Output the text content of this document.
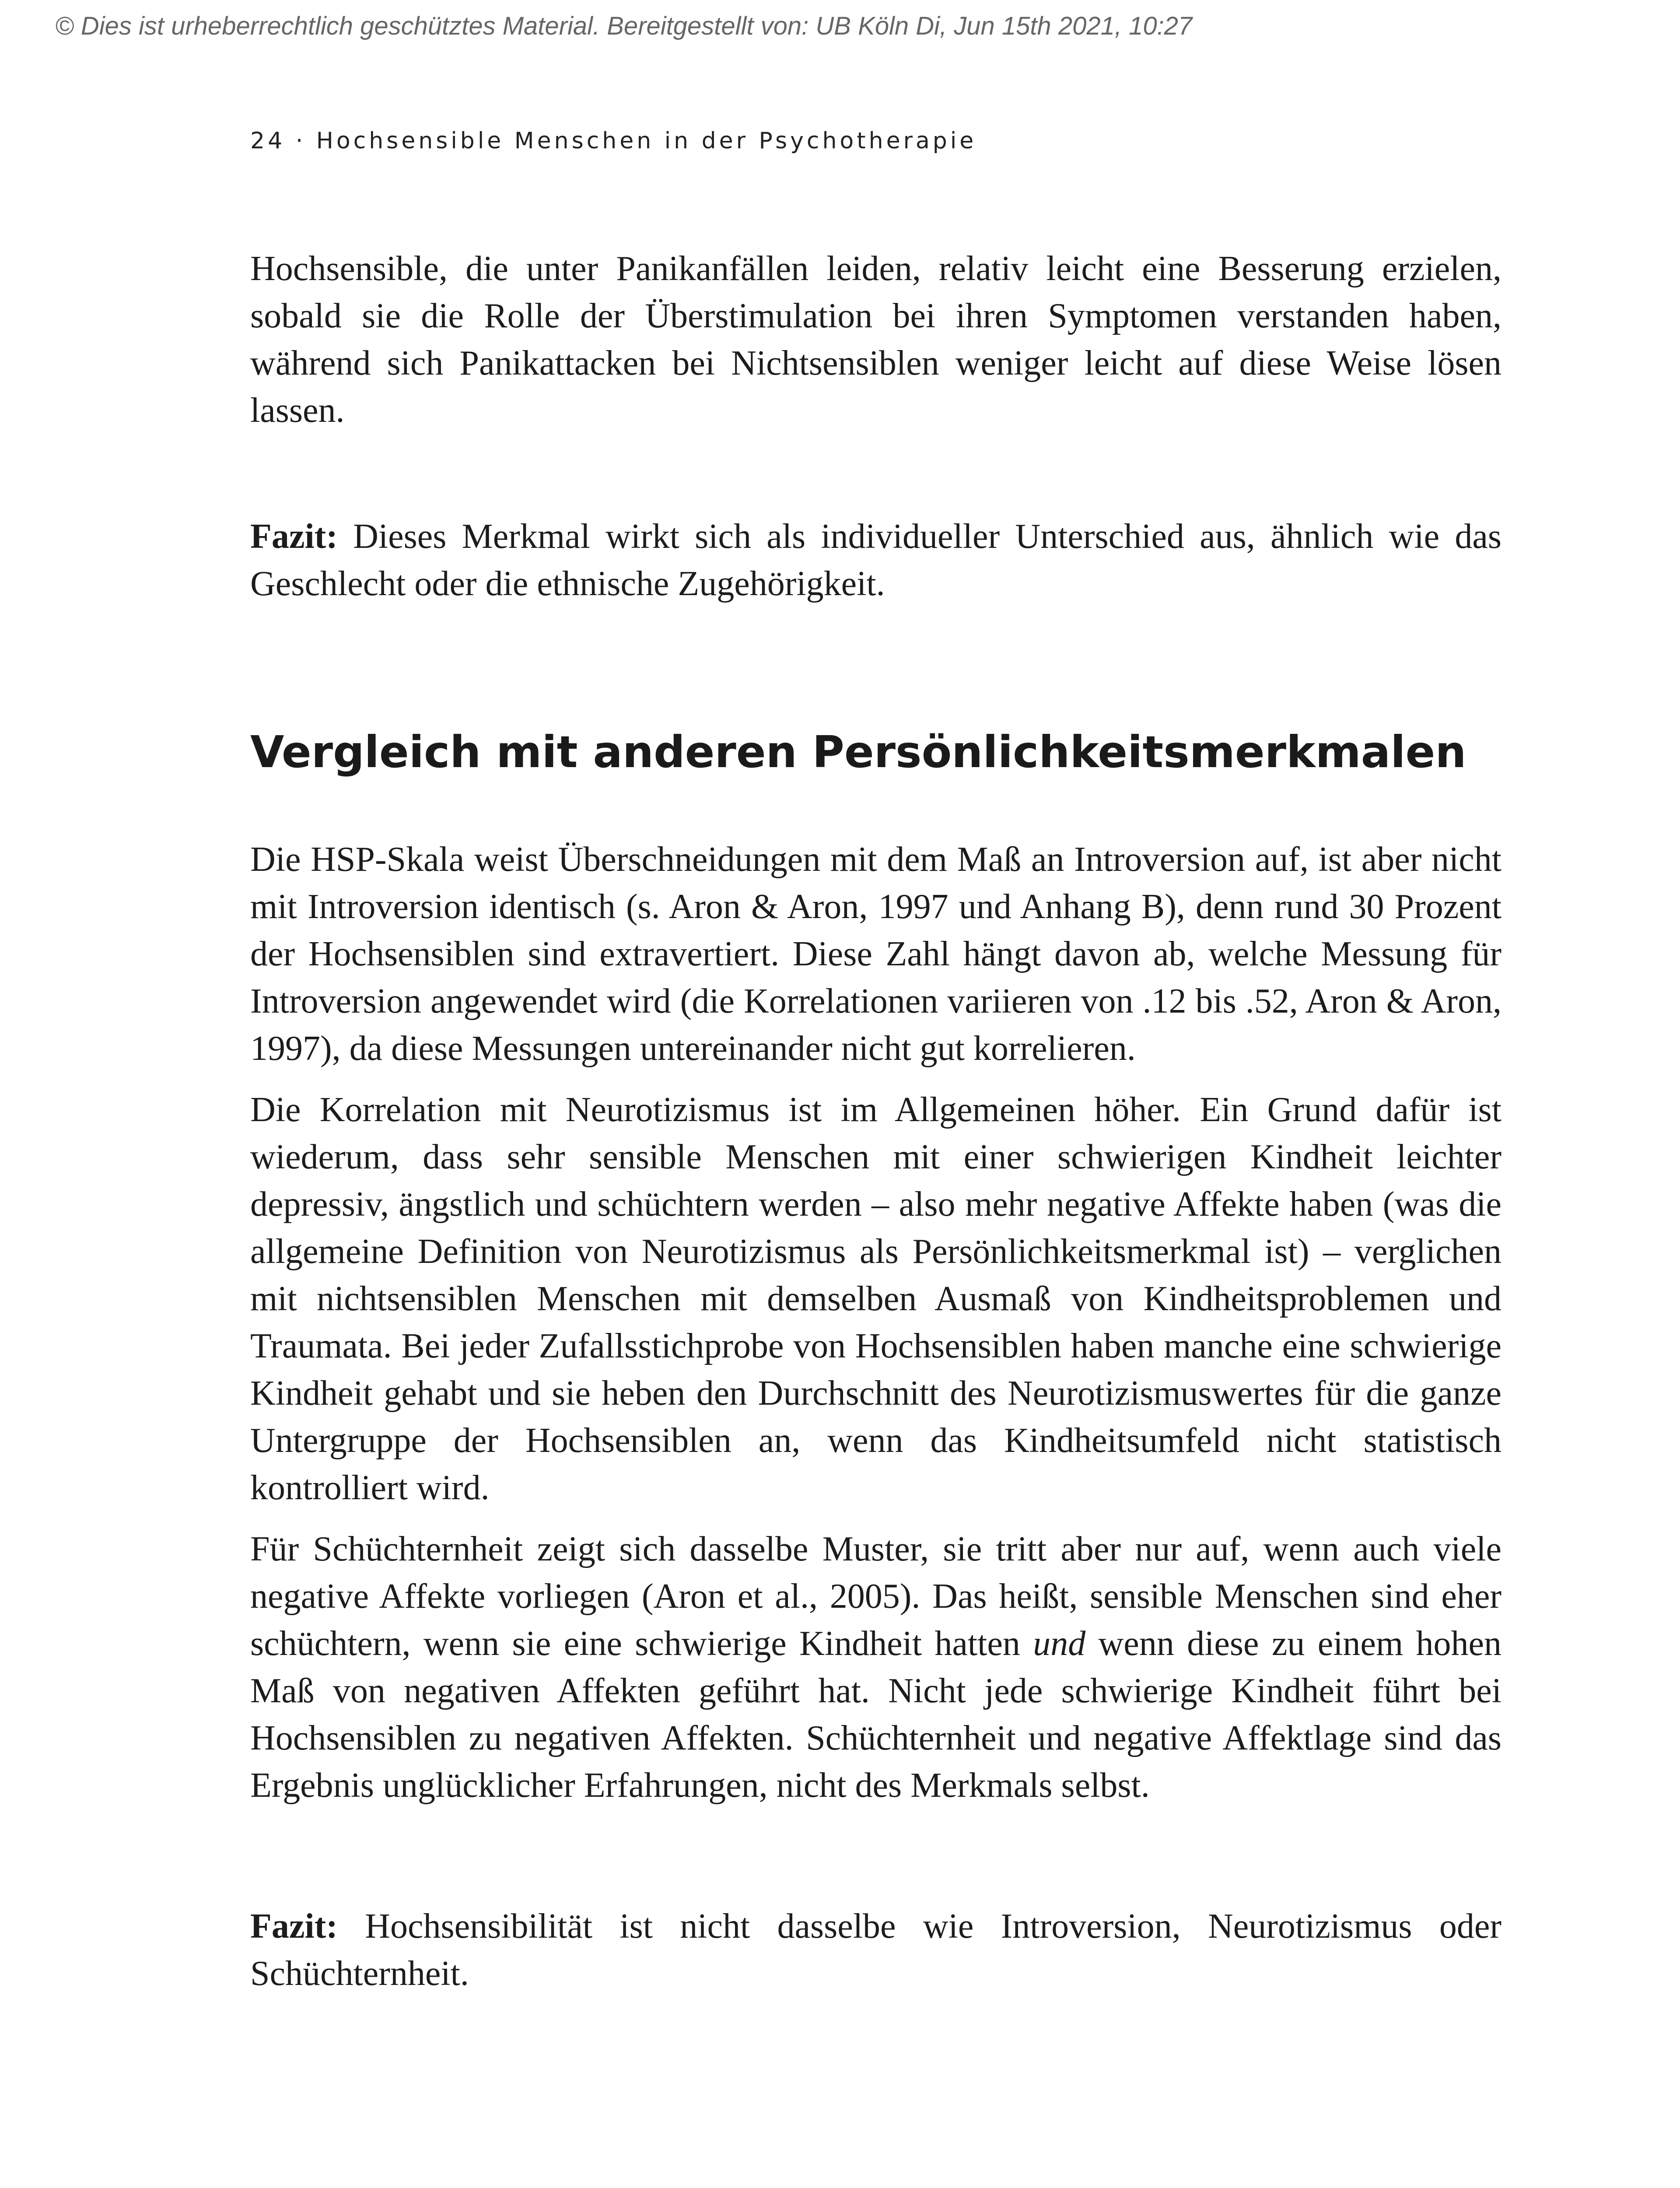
© Dies ist urheberrechtlich geschütztes Material. Bereitgestellt von: UB Köln Di, Jun 15th 2021, 10:27
24 · Hochsensible Menschen in der Psychotherapie

Hochsensible, die unter Panikanfällen leiden, relativ leicht eine Besserung erzielen, sobald sie die Rolle der Überstimulation bei ihren Symptomen verstanden haben, während sich Panikattacken bei Nichtsensiblen weniger leicht auf diese Weise lösen lassen.

Fazit: Dieses Merkmal wirkt sich als individueller Unterschied aus, ähnlich wie das Geschlecht oder die ethnische Zugehörigkeit.

Vergleich mit anderen Persönlichkeitsmerkmalen

Die HSP-Skala weist Überschneidungen mit dem Maß an Introversion auf, ist aber nicht mit Introversion identisch (s. Aron & Aron, 1997 und Anhang B), denn rund 30 Prozent der Hochsensiblen sind extravertiert. Diese Zahl hängt davon ab, welche Messung für Introversion angewendet wird (die Korrelationen variieren von .12 bis .52, Aron & Aron, 1997), da diese Messungen untereinander nicht gut korrelieren.

Die Korrelation mit Neurotizismus ist im Allgemeinen höher. Ein Grund dafür ist wiederum, dass sehr sensible Menschen mit einer schwierigen Kindheit leichter depressiv, ängstlich und schüchtern werden – also mehr negative Affekte haben (was die allgemeine Definition von Neurotizismus als Persönlichkeitsmerkmal ist) – verglichen mit nichtsensiblen Menschen mit demselben Ausmaß von Kindheitsproblemen und Traumata. Bei jeder Zufallsstichprobe von Hochsensiblen haben manche eine schwierige Kindheit gehabt und sie heben den Durchschnitt des Neurotizismuswertes für die ganze Untergruppe der Hochsensiblen an, wenn das Kindheitsumfeld nicht statistisch kontrolliert wird.

Für Schüchternheit zeigt sich dasselbe Muster, sie tritt aber nur auf, wenn auch viele negative Affekte vorliegen (Aron et al., 2005). Das heißt, sensible Menschen sind eher schüchtern, wenn sie eine schwierige Kindheit hatten und wenn diese zu einem hohen Maß von negativen Affekten geführt hat. Nicht jede schwierige Kindheit führt bei Hochsensiblen zu negativen Affekten. Schüchternheit und negative Affektlage sind das Ergebnis unglücklicher Erfahrungen, nicht des Merkmals selbst.

Fazit: Hochsensibilität ist nicht dasselbe wie Introversion, Neurotizismus oder Schüchternheit.
